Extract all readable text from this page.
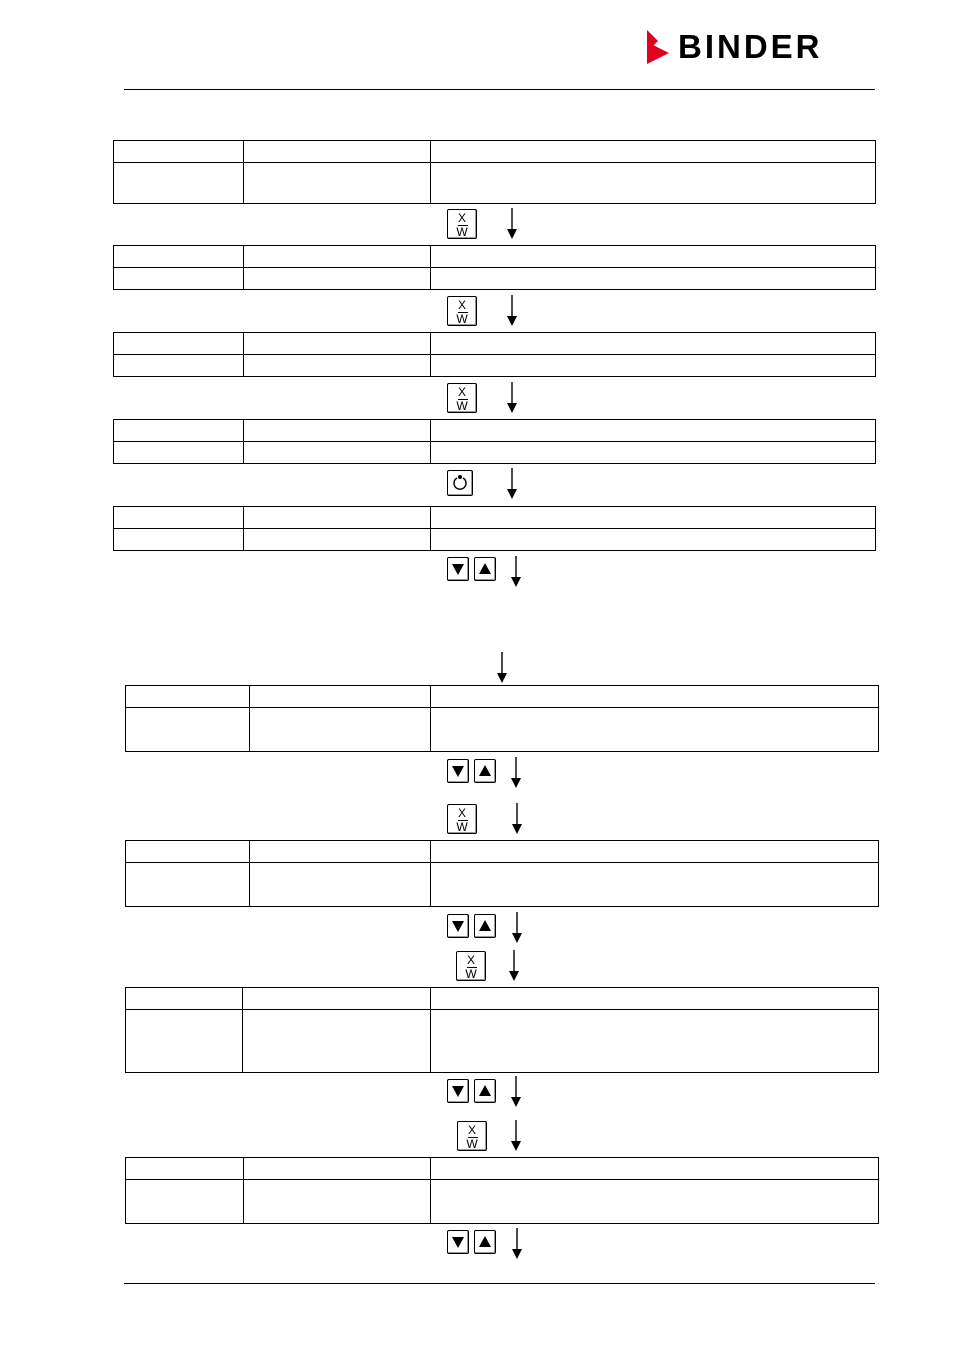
BINDER

X
W

X
W

X
W

X
W

X
W

X
W
